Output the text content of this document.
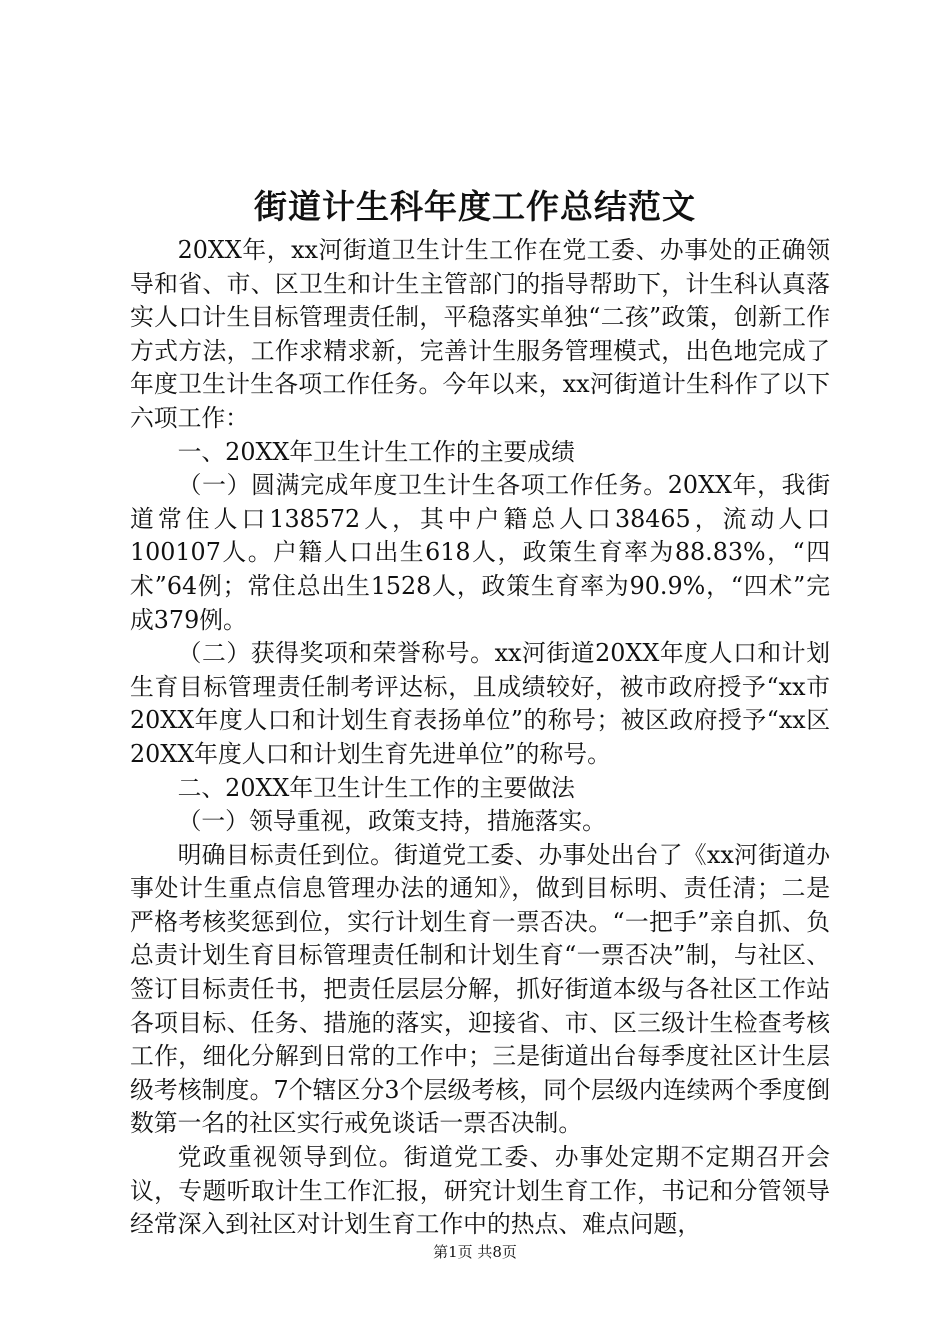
街道计生科年度工作总结范文

20XX年，xx河街道卫生计生工作在党工委、办事处的正确领导和省、市、区卫生和计生主管部门的指导帮助下，计生科认真落实人口计生目标管理责任制，平稳落实单独“二孩”政策，创新工作方式方法，工作求精求新，完善计生服务管理模式，出色地完成了年度卫生计生各项工作任务。今年以来，xx河街道计生科作了以下六项工作：

一、20XX年卫生计生工作的主要成绩

（一）圆满完成年度卫生计生各项工作任务。20XX年，我街道常住人口138572人，其中户籍总人口38465，流动人口100107人。户籍人口出生618人，政策生育率为88.83%，“四术”64例；常住总出生1528人，政策生育率为90.9%，“四术”完成379例。

（二）获得奖项和荣誉称号。xx河街道20XX年度人口和计划生育目标管理责任制考评达标，且成绩较好，被市政府授予“xx市20XX年度人口和计划生育表扬单位”的称号；被区政府授予“xx区20XX年度人口和计划生育先进单位”的称号。

二、20XX年卫生计生工作的主要做法

（一）领导重视，政策支持，措施落实。

明确目标责任到位。街道党工委、办事处出台了《xx河街道办事处计生重点信息管理办法的通知》，做到目标明、责任清；二是严格考核奖惩到位，实行计划生育一票否决。“一把手”亲自抓、负总责计划生育目标管理责任制和计划生育“一票否决”制，与社区、签订目标责任书，把责任层层分解，抓好街道本级与各社区工作站各项目标、任务、措施的落实，迎接省、市、区三级计生检查考核工作，细化分解到日常的工作中；三是街道出台每季度社区计生层级考核制度。7个辖区分3个层级考核，同个层级内连续两个季度倒数第一名的社区实行戒免谈话一票否决制。

党政重视领导到位。街道党工委、办事处定期不定期召开会议，专题听取计生工作汇报，研究计划生育工作，书记和分管领导经常深入到社区对计划生育工作中的热点、难点问题，

第1页 共8页
